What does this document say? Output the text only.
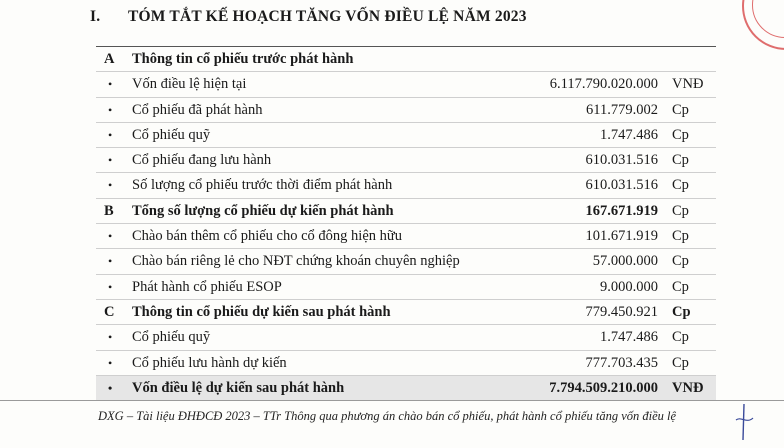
I. TÓM TẮT KẾ HOẠCH TĂNG VỐN ĐIỀU LỆ NĂM 2023
A	Thông tin cổ phiếu trước phát hành
•	Vốn điều lệ hiện tại	6.117.790.020.000 VNĐ
•	Cổ phiếu đã phát hành	611.779.002 Cp
•	Cổ phiếu quỹ	1.747.486 Cp
•	Cổ phiếu đang lưu hành	610.031.516 Cp
•	Số lượng cổ phiếu trước thời điểm phát hành	610.031.516 Cp
B	Tổng số lượng cổ phiếu dự kiến phát hành	167.671.919 Cp
•	Chào bán thêm cổ phiếu cho cổ đông hiện hữu	101.671.919 Cp
•	Chào bán riêng lẻ cho NĐT chứng khoán chuyên nghiệp	57.000.000 Cp
•	Phát hành cổ phiếu ESOP	9.000.000 Cp
C	Thông tin cổ phiếu dự kiến sau phát hành	779.450.921 Cp
•	Cổ phiếu quỹ	1.747.486 Cp
•	Cổ phiếu lưu hành dự kiến	777.703.435 Cp
•	Vốn điều lệ dự kiến sau phát hành	7.794.509.210.000 VNĐ
DXG – Tài liệu ĐHĐCĐ 2023 – TTr Thông qua phương án chào bán cổ phiếu, phát hành cổ phiếu tăng vốn điều lệ
